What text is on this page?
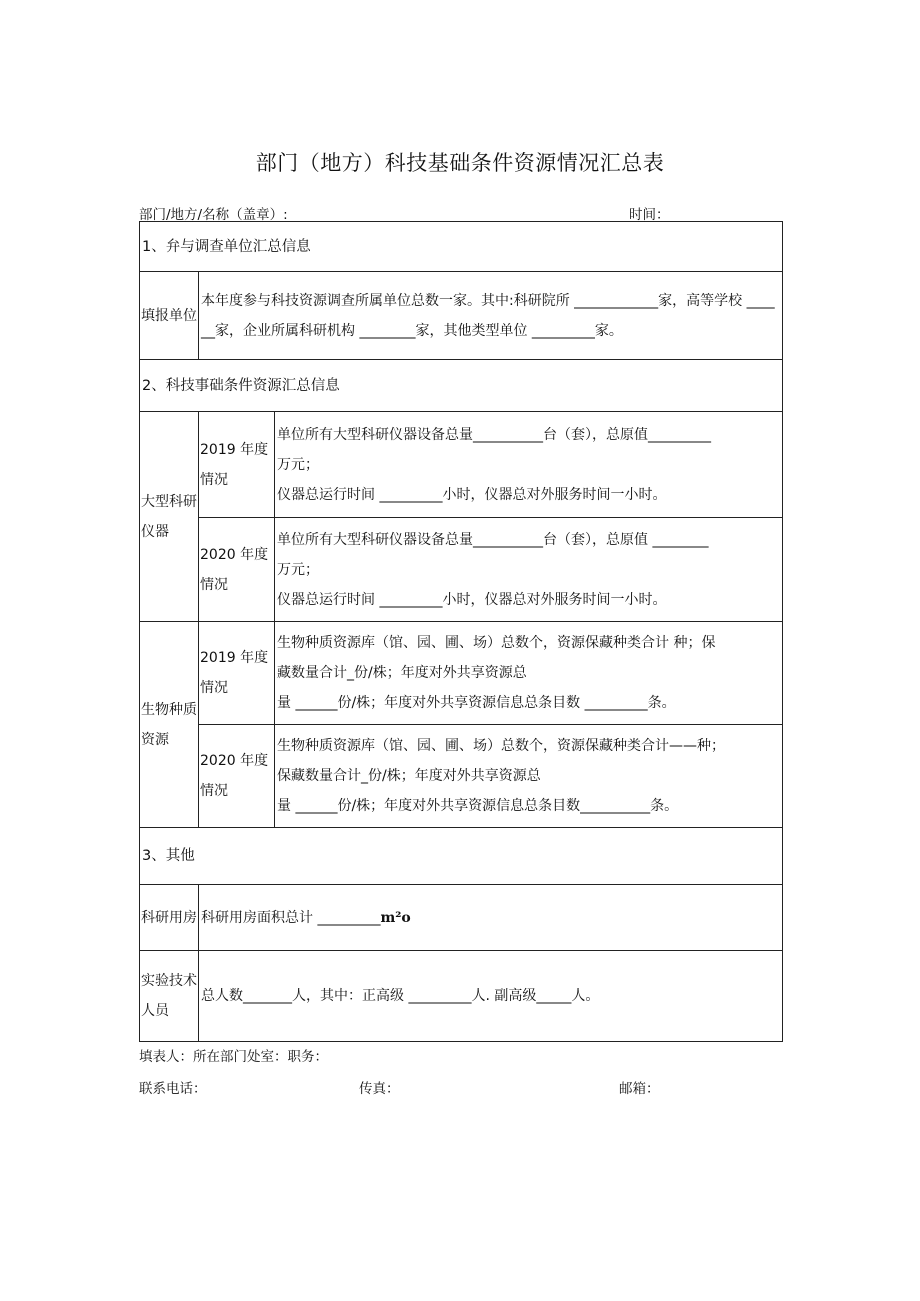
部门（地方）科技基础条件资源情况汇总表
部门/地方/名称（盖章）:	时间：
1、弁与调查单位汇总信息		
填报单位	本年度参与科技资源调查所属单位总数一家。其中:科研院所 ____________家，高等学校 ______家，企业所属科研机构 ________家，其他类型单位 _________家。	
2、科技事础条件资源汇总信息		
大型科研仪器	2019 年度情况	单位所有大型科研仪器设备总量__________台（套），总原值_________
万元；
仪器总运行时间 _________小时，仪器总对外服务时间一小时。

	2020 年度情况	单位所有大型科研仪器设备总量__________台（套），总原值 ________
万元；
仪器总运行时间 _________小时，仪器总对外服务时间一小时。

生物种质资源	2019 年度情况	生物种质资源库（馆、园、圃、场）总数个，资源保藏种类合计 种；保
藏数量合计_份/株；年度对外共享资源总
量 ______份/株；年度对外共享资源信息总条目数 _________条。

	2020 年度情况	生物种质资源库（馆、园、圃、场）总数个，资源保藏种类合计——种；
保藏数量合计_份/株；年度对外共享资源总
量 ______份/株；年度对外共享资源信息总条目数__________条。

3、其他		
科研用房	科研用房面积总计 _________m²o	
实验技术人员	总人数_______人，其中：正高级 _________人. 副高级_____人。	
填表人：所在部门处室：职务：
联系电话：	传真：	邮箱：
